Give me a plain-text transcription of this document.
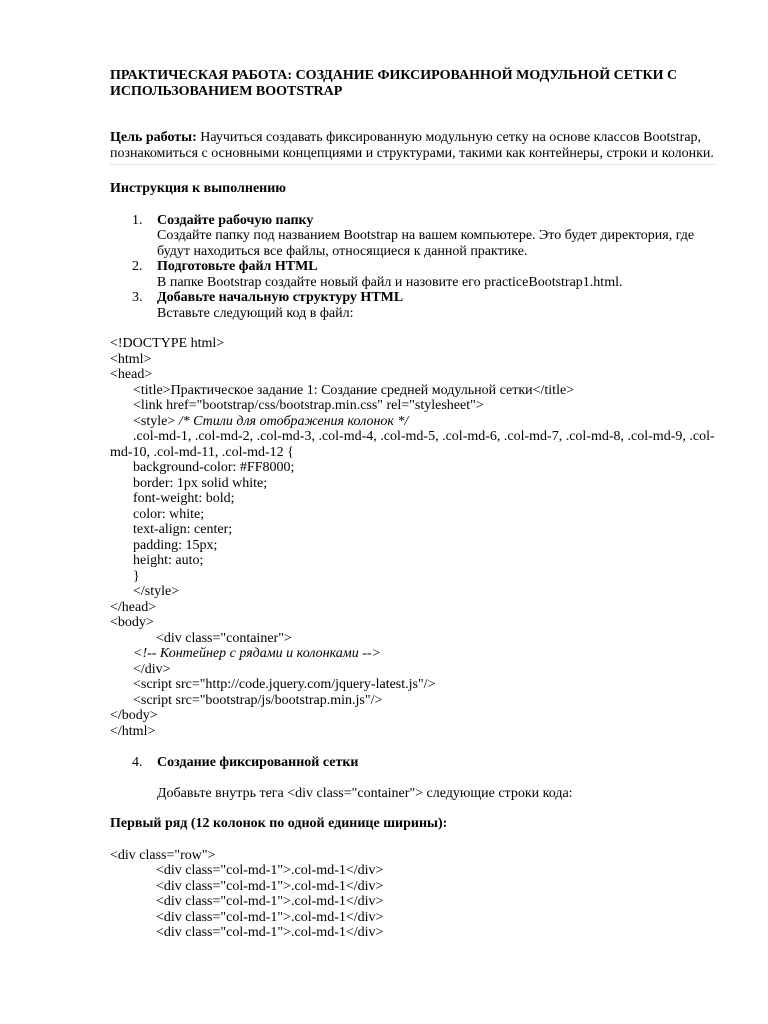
ПРАКТИЧЕСКАЯ РАБОТА: СОЗДАНИЕ ФИКСИРОВАННОЙ МОДУЛЬНОЙ СЕТКИ С ИСПОЛЬЗОВАНИЕМ BOOTSTRAP

Цель работы: Научиться создавать фиксированную модульную сетку на основе классов Bootstrap, познакомиться с основными концепциями и структурами, такими как контейнеры, строки и колонки.
Инструкция к выполнению
1. Создайте рабочую папку
Создайте папку под названием Bootstrap на вашем компьютере. Это будет директория, где будут находиться все файлы, относящиеся к данной практике.
2. Подготовьте файл HTML
В папке Bootstrap создайте новый файл и назовите его practiceBootstrap1.html.
3. Добавьте начальную структуру HTML
Вставьте следующий код в файл:
<!DOCTYPE html>
<html>
<head>
<title>Практическое задание 1: Создание средней модульной сетки</title>
<link href="bootstrap/css/bootstrap.min.css" rel="stylesheet">
<style> /* Стили для отображения колонок */
.col-md-1, .col-md-2, .col-md-3, .col-md-4, .col-md-5, .col-md-6, .col-md-7, .col-md-8, .col-md-9, .col-md-10, .col-md-11, .col-md-12 {
background-color: #FF8000;
border: 1px solid white;
font-weight: bold;
color: white;
text-align: center;
padding: 15px;
height: auto;
}
</style>
</head>
<body>
<div class="container">
<!-- Контейнер с рядами и колонками -->
</div>
<script src="http://code.jquery.com/jquery-latest.js"/>
<script src="bootstrap/js/bootstrap.min.js"/>
</body>
</html>
4. Создание фиксированной сетки
Добавьте внутрь тега <div class="container"> следующие строки кода:
Первый ряд (12 колонок по одной единице ширины):
<div class="row">
<div class="col-md-1">.col-md-1</div>
<div class="col-md-1">.col-md-1</div>
<div class="col-md-1">.col-md-1</div>
<div class="col-md-1">.col-md-1</div>
<div class="col-md-1">.col-md-1</div>
